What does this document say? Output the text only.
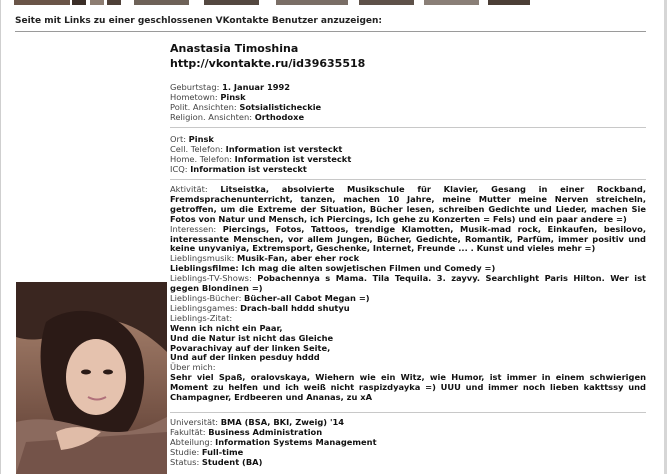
Seite mit Links zu einer geschlossenen VKontakte Benutzer anzuzeigen:
Anastasia Timoshina
http://vkontakte.ru/id39635518
Geburtstag: 1. Januar 1992
Hometown: Pinsk
Polit. Ansichten: Sotsialisticheckie
Religion. Ansichten: Orthodoxe
Ort: Pinsk
Cell. Telefon: Information ist versteckt
Home. Telefon: Information ist versteckt
ICQ: Information ist versteckt
Aktivität: Litseistka, absolvierte Musikschule für Klavier, Gesang in einer Rockband, Fremdsprachenunterricht, tanzen, machen 10 Jahre, meine Mutter meine Nerven streicheln, getroffen, um die Extreme der Situation, Bücher lesen, schreiben Gedichte und Lieder, machen Sie Fotos von Natur und Mensch, ich Piercings, Ich gehe zu Konzerten = Fels) und ein paar andere =)
Interessen: Piercings, Fotos, Tattoos, trendige Klamotten, Musik-mad rock, Einkaufen, besilovo, interessante Menschen, vor allem Jungen, Bücher, Gedichte, Romantik, Parfüm, immer positiv und keine unyvaniya, Extremsport, Geschenke, Internet, Freunde ... . Kunst und vieles mehr =)
Lieblingsmusik: Musik-Fan, aber eher rock
Lieblingsfilme: Ich mag die alten sowjetischen Filmen und Comedy =)
Lieblings-TV-Shows: Pobachennya s Mama. Tila Tequila. 3. zayvy. Searchlight Paris Hilton. Wer ist gegen Blondinen =)
Lieblings-Bücher: Bücher-all Cabot Megan =)
Lieblingsgames: Drach-ball hddd shutyu
Lieblings-Zitat:
Wenn ich nicht ein Paar,
Und die Natur ist nicht das Gleiche
Povarachivay auf der linken Seite,
Und auf der linken pesduy hddd
Über mich:
Sehr viel Spaß, oralovskaya, Wiehern wie ein Witz, wie Humor, ist immer in einem schwierigen Moment zu helfen und ich weiß nicht raspizdyayka =) UUU und immer noch lieben kakttssy und Champagner, Erdbeeren und Ananas, zu xA
Universität: BMA (BSA, BKI, Zweig) '14
Fakultät: Business Administration
Abteilung: Information Systems Management
Studie: Full-time
Status: Student (BA)
